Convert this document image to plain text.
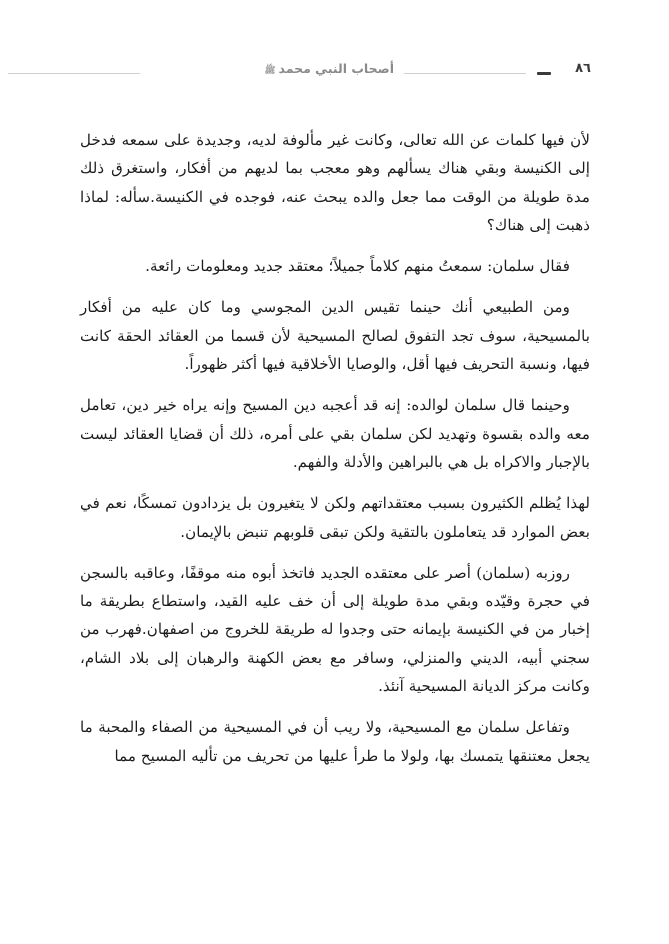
٨٦
أصحاب النبي محمدﷺ

لأن فيها كلمات عن الله تعالى، وكانت غير مألوفة لديه، وجديدة على سمعه فدخل إلى الكنيسة وبقي هناك يسألهم وهو معجب بما لديهم من أفكار، واستغرق ذلك مدة طويلة من الوقت مما جعل والده يبحث عنه، فوجده في الكنيسة.سأله: لماذا ذهبت إلى هناك؟

فقال سلمان: سمعتُ منهم كلاماً جميلاً؛ معتقد جديد ومعلومات رائعة.

ومن الطبيعي أنك حينما تقيس الدين المجوسي وما كان عليه من أفكار بالمسيحية، سوف تجد التفوق لصالح المسيحية لأن قسما من العقائد الحقة كانت فيها، ونسبة التحريف فيها أقل، والوصايا الأخلاقية فيها أكثر ظهوراً.

وحينما قال سلمان لوالده: إنه قد أعجبه دين المسيح وإنه يراه خير دين، تعامل معه والده بقسوة وتهديد لكن سلمان بقي على أمره، ذلك أن قضايا العقائد ليست بالإجبار والاكراه بل هي بالبراهين والأدلة والفهم.

لهذا يُظلم الكثيرون بسبب معتقداتهم ولكن لا يتغيرون بل يزدادون تمسكًا، نعم في بعض الموارد قد يتعاملون بالتقية ولكن تبقى قلوبهم تنبض بالإيمان.

روزبه (سلمان) أصر على معتقده الجديد فاتخذ أبوه منه موقفًا، وعاقبه بالسجن في حجرة وقيّده وبقي مدة طويلة إلى أن خف عليه القيد، واستطاع بطريقة ما إخبار من في الكنيسة بإيمانه حتى وجدوا له طريقة للخروج من اصفهان.فهرب من سجني أبيه، الديني والمنزلي، وسافر مع بعض الكهنة والرهبان إلى بلاد الشام، وكانت مركز الديانة المسيحية آنئذ.

وتفاعل سلمان مع المسيحية، ولا ريب أن في المسيحية من الصفاء والمحبة ما يجعل معتنقها يتمسك بها، ولولا ما طرأ عليها من تحريف من تأليه المسيح مما
